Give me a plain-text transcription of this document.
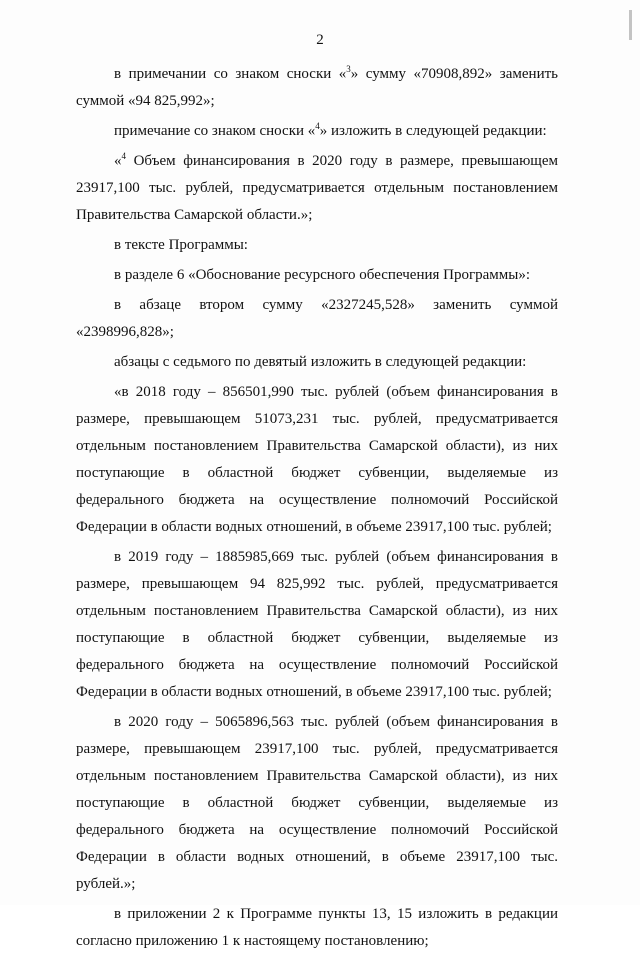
2

в примечании со знаком сноски «$^3$» сумму «70908,892» заменить суммой «94 825,992»;

примечание со знаком сноски «$^4$» изложить в следующей редакции:

«$^4$ Объем финансирования в 2020 году в размере, превышающем 23917,100 тыс. рублей, предусматривается отдельным постановлением Правительства Самарской области.»;

в тексте Программы:

в разделе 6 «Обоснование ресурсного обеспечения Программы»:

в абзаце втором сумму «2327245,528» заменить суммой «2398996,828»;

абзацы с седьмого по девятый изложить в следующей редакции:

«в 2018 году – 856501,990 тыс. рублей (объем финансирования в размере, превышающем 51073,231 тыс. рублей, предусматривается отдельным постановлением Правительства Самарской области), из них поступающие в областной бюджет субвенции, выделяемые из федерального бюджета на осуществление полномочий Российской Федерации в области водных отношений, в объеме 23917,100 тыс. рублей;

в 2019 году – 1885985,669 тыс. рублей (объем финансирования в размере, превышающем 94 825,992 тыс. рублей, предусматривается отдельным постановлением Правительства Самарской области), из них поступающие в областной бюджет субвенции, выделяемые из федерального бюджета на осуществление полномочий Российской Федерации в области водных отношений, в объеме 23917,100 тыс. рублей;

в 2020 году – 5065896,563 тыс. рублей (объем финансирования в размере, превышающем 23917,100 тыс. рублей, предусматривается отдельным постановлением Правительства Самарской области), из них поступающие в областной бюджет субвенции, выделяемые из федерального бюджета на осуществление полномочий Российской Федерации в области водных отношений, в объеме 23917,100 тыс. рублей.»;

в приложении 2 к Программе пункты 13, 15 изложить в редакции согласно приложению 1 к настоящему постановлению;
